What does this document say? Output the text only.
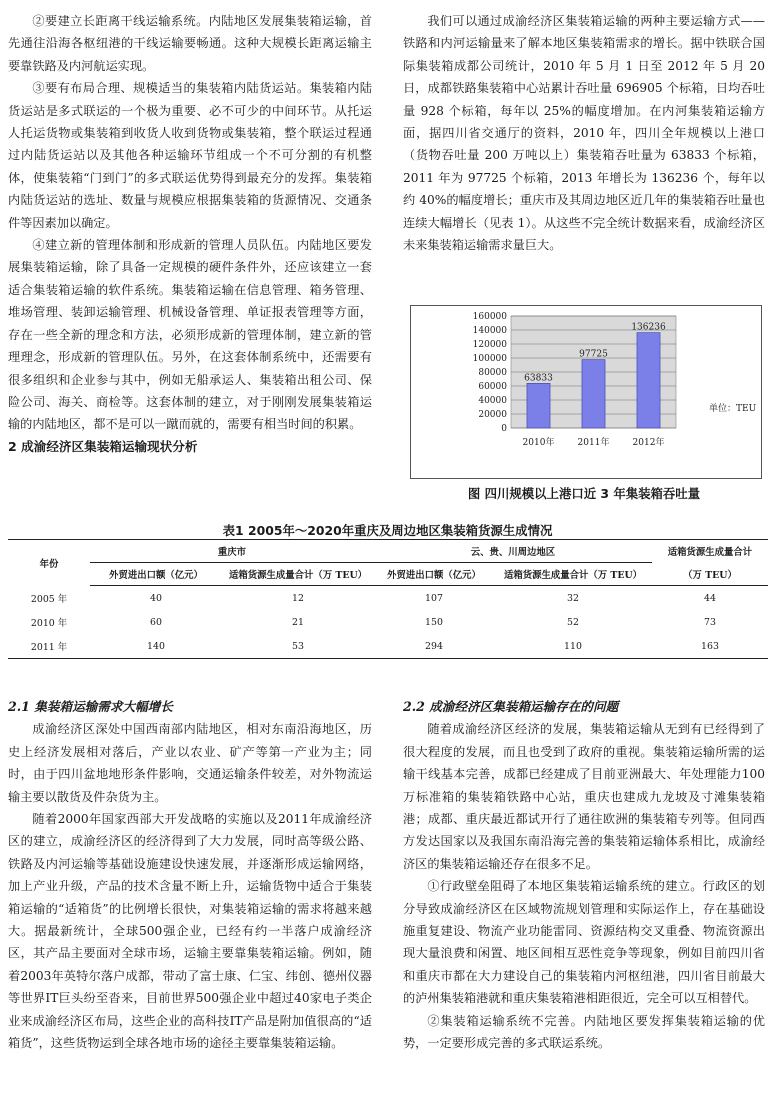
②要建立长距离干线运输系统。内陆地区发展集装箱运输，首先通往沿海各枢纽港的干线运输要畅通。这种大规模长距离运输主要靠铁路及内河航运实现。

③要有布局合理、规模适当的集装箱内陆货运站。集装箱内陆货运站是多式联运的一个极为重要、必不可少的中间环节。从托运人托运货物或集装箱到收货人收到货物或集装箱，整个联运过程通过内陆货运站以及其他各种运输环节组成一个不可分割的有机整体，使集装箱“门到门”的多式联运优势得到最充分的发挥。集装箱内陆货运站的选址、数量与规模应根据集装箱的货源情况、交通条件等因素加以确定。

④建立新的管理体制和形成新的管理人员队伍。内陆地区要发展集装箱运输，除了具备一定规模的硬件条件外，还应该建立一套适合集装箱运输的软件系统。集装箱运输在信息管理、箱务管理、堆场管理、装卸运输管理、机械设备管理、单证报表管理等方面，存在一些全新的理念和方法，必须形成新的管理体制，建立新的管理理念，形成新的管理队伍。另外，在这套体制系统中，还需要有很多组织和企业参与其中，例如无船承运人、集装箱出租公司、保险公司、海关、商检等。这套体制的建立，对于刚刚发展集装箱运输的内陆地区，都不是可以一蹴而就的，需要有相当时间的积累。

2 成渝经济区集装箱运输现状分析

我们可以通过成渝经济区集装箱运输的两种主要运输方式——铁路和内河运输量来了解本地区集装箱需求的增长。据中铁联合国际集装箱成都公司统计，2010 年 5 月 1 日至 2012 年 5 月 20 日，成都铁路集装箱中心站累计吞吐量 696905 个标箱，日均吞吐量 928 个标箱，每年以 25%的幅度增加。在内河集装箱运输方面，据四川省交通厅的资料，2010 年，四川全年规模以上港口（货物吞吐量 200 万吨以上）集装箱吞吐量为 63833 个标箱，2011 年为 97725 个标箱，2013 年增长为 136236 个，每年以约 40%的幅度增长；重庆市及其周边地区近几年的集装箱吞吐量也连续大幅增长（见表 1）。从这些不完全统计数据来看，成渝经济区未来集装箱运输需求量巨大。

0
20000
40000
60000
80000
100000
120000
140000
160000
63833
2010年
97725
2011年
136236
2012年
单位：TEU
图 四川规模以上港口近 3 年集装箱吞吐量
表1 2005年～2020年重庆及周边地区集装箱货源生成情况
年份	重庆市		云、贵、川周边地区		适箱货源生成量合计
	外贸进出口额（亿元）	适箱货源生成量合计（万 TEU）	外贸进出口额（亿元）	适箱货源生成量合计（万 TEU）	（万 TEU）
2005 年	40	12	107	32	44
2010 年	60	21	150	52	73
2011 年	140	53	294	110	163

2.1 集装箱运输需求大幅增长

成渝经济区深处中国西南部内陆地区，相对东南沿海地区，历史上经济发展相对落后，产业以农业、矿产等第一产业为主；同时，由于四川盆地地形条件影响，交通运输条件较差，对外物流运输主要以散货及件杂货为主。

随着2000年国家西部大开发战略的实施以及2011年成渝经济区的建立，成渝经济区的经济得到了大力发展，同时高等级公路、铁路及内河运输等基础设施建设快速发展，并逐渐形成运输网络，加上产业升级，产品的技术含量不断上升，运输货物中适合于集装箱运输的“适箱货”的比例增长很快，对集装箱运输的需求将越来越大。据最新统计，全球500强企业，已经有约一半落户成渝经济区，其产品主要面对全球市场，运输主要靠集装箱运输。例如，随着2003年英特尔落户成都，带动了富士康、仁宝、纬创、德州仪器等世界IT巨头纷至沓来，目前世界500强企业中超过40家电子类企业来成渝经济区布局，这些企业的高科技IT产品是附加值很高的“适箱货”，这些货物运到全球各地市场的途径主要靠集装箱运输。

2.2 成渝经济区集装箱运输存在的问题

随着成渝经济区经济的发展，集装箱运输从无到有已经得到了很大程度的发展，而且也受到了政府的重视。集装箱运输所需的运输干线基本完善，成都已经建成了目前亚洲最大、年处理能力100万标准箱的集装箱铁路中心站，重庆也建成九龙坡及寸滩集装箱港；成都、重庆最近都试开行了通往欧洲的集装箱专列等。但同西方发达国家以及我国东南沿海完善的集装箱运输体系相比，成渝经济区的集装箱运输还存在很多不足。

①行政壁垒阻碍了本地区集装箱运输系统的建立。行政区的划分导致成渝经济区在区域物流规划管理和实际运作上，存在基础设施重复建设、物流产业功能雷同、资源结构交叉重叠、物流资源出现大量浪费和闲置、地区间相互恶性竞争等现象，例如目前四川省和重庆市都在大力建设自己的集装箱内河枢纽港，四川省目前最大的泸州集装箱港就和重庆集装箱港相距很近，完全可以互相替代。

②集装箱运输系统不完善。内陆地区要发挥集装箱运输的优势，一定要形成完善的多式联运系统。
